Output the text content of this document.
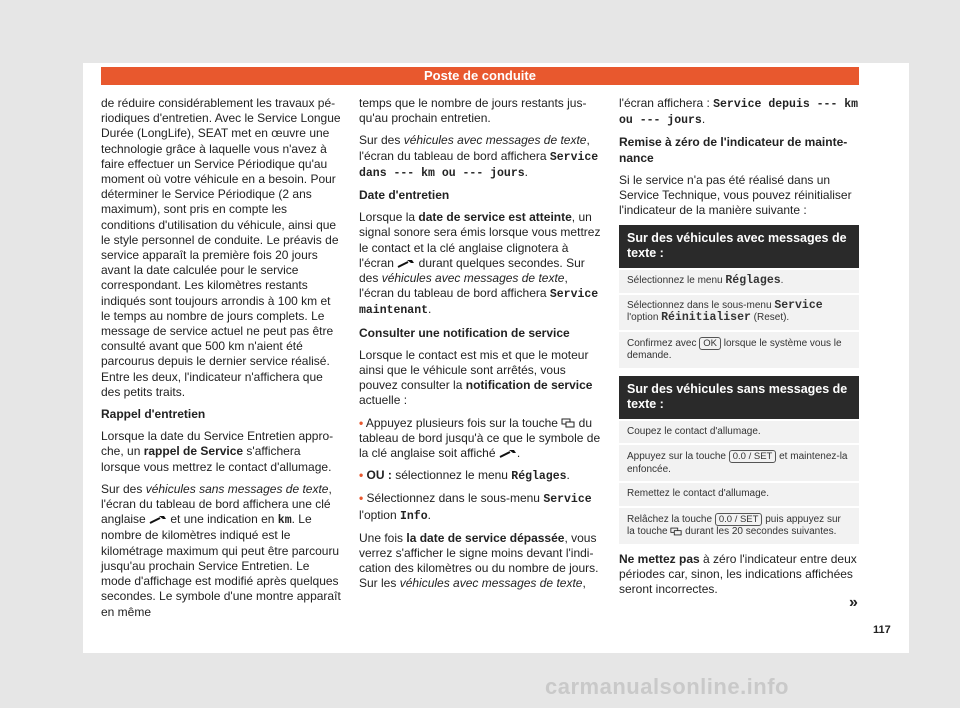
Poste de conduite

de réduire considérablement les travaux périodiques d'entretien. Avec le Service Longue Durée (LongLife), SEAT met en œuvre une technologie grâce à laquelle vous n'avez à faire effectuer un Service Périodique qu'au moment où votre véhicule en a besoin. Pour déterminer le Service Périodique (2 ans maximum), sont pris en compte les conditions d'utilisation du véhicule, ainsi que le style personnel de conduite. Le préavis de service apparaît la première fois 20 jours avant la date calculée pour le service correspondant. Les kilomètres restants indiqués sont toujours arrondis à 100 km et le temps au nombre de jours complets. Le message de service actuel ne peut pas être consulté avant que 500 km n'aient été parcourus depuis le dernier service réalisé. Entre les deux, l'indicateur n'affichera que des petits traits.

Rappel d'entretien

Lorsque la date du Service Entretien approche, un rappel de Service s'affichera lorsque vous mettrez le contact d'allumage.

Sur des véhicules sans messages de texte, l'écran du tableau de bord affichera une clé anglaise  et une indication en km. Le nombre de kilomètres indiqué est le kilométrage maximum qui peut être parcouru jusqu'au prochain Service Entretien. Le mode d'affichage est modifié après quelques secondes. Le symbole d'une montre apparaît en même

temps que le nombre de jours restants jusqu'au prochain entretien.

Sur des véhicules avec messages de texte, l'écran du tableau de bord affichera Service dans --- km ou --- jours.

Date d'entretien

Lorsque la date de service est atteinte, un signal sonore sera émis lorsque vous mettrez le contact et la clé anglaise clignotera à l'écran  durant quelques secondes. Sur des véhicules avec messages de texte, l'écran du tableau de bord affichera Service maintenant.

Consulter une notification de service

Lorsque le contact est mis et que le moteur ainsi que le véhicule sont arrêtés, vous pouvez consulter la notification de service actuelle :

• Appuyez plusieurs fois sur la touche  du tableau de bord jusqu'à ce que le symbole de la clé anglaise soit affiché .

• OU : sélectionnez le menu Réglages.

• Sélectionnez dans le sous-menu Service l'option Info.

Une fois la date de service dépassée, vous verrez s'afficher le signe moins devant l'indication des kilomètres ou du nombre de jours. Sur les véhicules avec messages de texte,

l'écran affichera : Service depuis --- km ou --- jours.

Remise à zéro de l'indicateur de maintenance

Si le service n'a pas été réalisé dans un Service Technique, vous pouvez réinitialiser l'indicateur de la manière suivante :

Sur des véhicules avec messages de texte :
Sélectionnez le menu Réglages.
Sélectionnez dans le sous-menu Service l'option Réinitialiser (Reset).
Confirmez avec OK lorsque le système vous le demande.
Sur des véhicules sans messages de texte :
Coupez le contact d'allumage.
Appuyez sur la touche 0.0 / SET et maintenez-la enfoncée.
Remettez le contact d'allumage.
Relâchez la touche 0.0 / SET puis appuyez sur la touche  durant les 20 secondes suivantes.

Ne mettez pas à zéro l'indicateur entre deux périodes car, sinon, les indications affichées seront incorrectes.

»
117
carmanualsonline.info
